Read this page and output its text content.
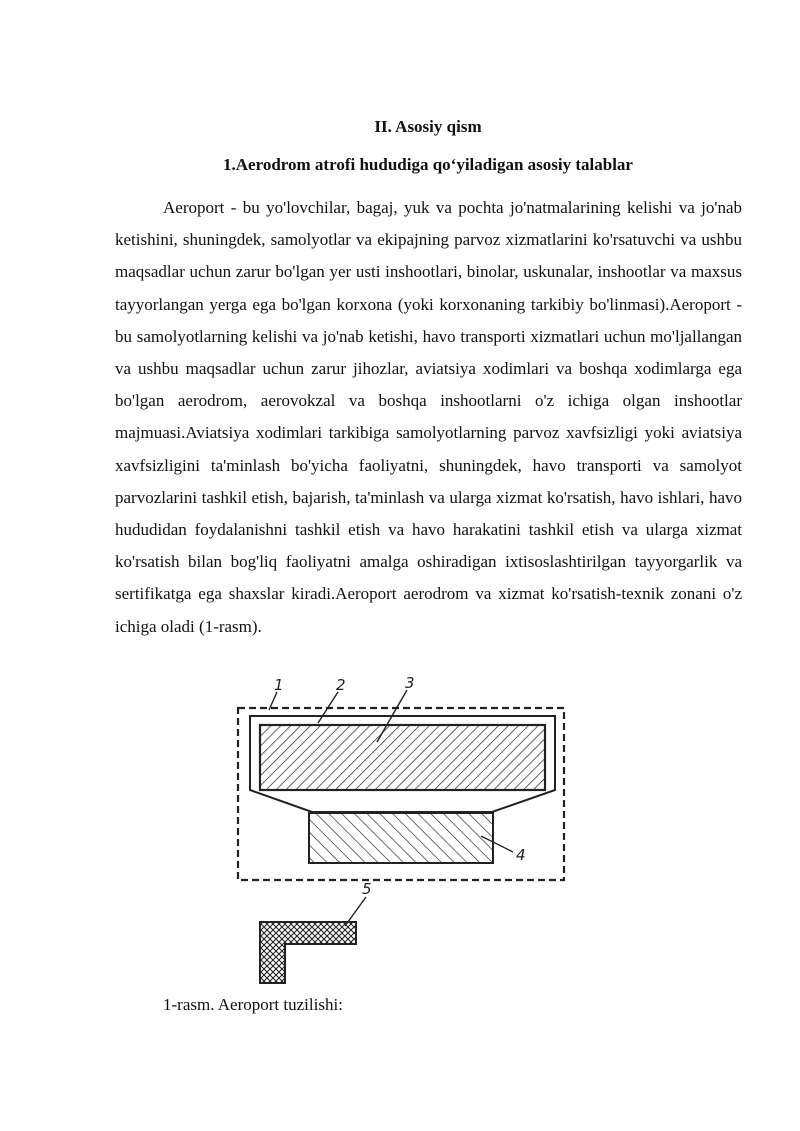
II. Asosiy qism
1.Aerodrom atrofi hududiga qo‘yiladigan asosiy talablar

Aeroport - bu yo'lovchilar, bagaj, yuk va pochta jo'natmalarining kelishi va jo'nab ketishini, shuningdek, samolyotlar va ekipajning parvoz xizmatlarini ko'rsatuvchi va ushbu maqsadlar uchun zarur bo'lgan yer usti inshootlari, binolar, uskunalar, inshootlar va maxsus tayyorlangan yerga ega bo'lgan korxona (yoki korxonaning tarkibiy bo'linmasi).Aeroport - bu samolyotlarning kelishi va jo'nab ketishi, havo transporti xizmatlari uchun mo'ljallangan va ushbu maqsadlar uchun zarur jihozlar, aviatsiya xodimlari va boshqa xodimlarga ega bo'lgan aerodrom, aerovokzal va boshqa inshootlarni o'z ichiga olgan inshootlar majmuasi.Aviatsiya xodimlari tarkibiga samolyotlarning parvoz xavfsizligi yoki aviatsiya xavfsizligini ta'minlash bo'yicha faoliyatni, shuningdek, havo transporti va samolyot parvozlarini tashkil etish, bajarish, ta'minlash va ularga xizmat ko'rsatish, havo ishlari, havo hududidan foydalanishni tashkil etish va havo harakatini tashkil etish va ularga xizmat ko'rsatish bilan bog'liq faoliyatni amalga oshiradigan ixtisoslashtirilgan tayyorgarlik va sertifikatga ega shaxslar kiradi.Aeroport aerodrom va xizmat ko'rsatish-texnik zonani o'z ichiga oladi (1-rasm).

1	2	3
4
5

1-rasm. Aeroport tuzilishi:
